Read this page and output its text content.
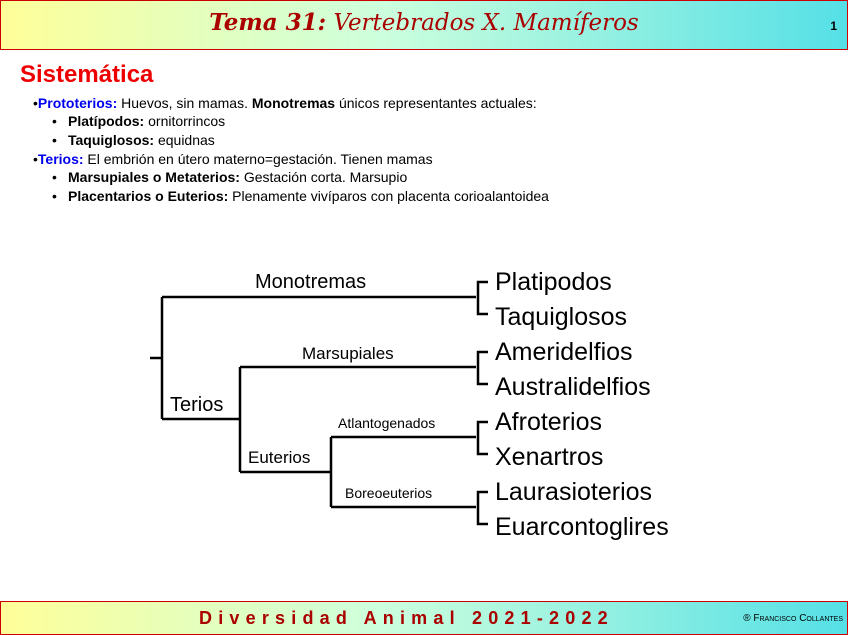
Tema 31: Vertebrados X. Mamíferos	1
Sistemática
•Prototerios: Huevos, sin mamas. Monotremas únicos representantes actuales:
• Platípodos: ornitorrincos
• Taquiglosos: equidnas
•Terios: El embrión en útero materno=gestación. Tienen mamas
• Marsupiales o Metaterios: Gestación corta. Marsupio
• Placentarios o Euterios: Plenamente vivíparos con placenta corioalantoidea
Monotremas
Terios
Marsupiales
Euterios
Atlantogenados
Boreoeuterios
Platipodos
Taquiglosos
Ameridelfios
Australidelfios
Afroterios
Xenartros
Laurasioterios
Euarcontoglires
Diversidad Animal 2021-2022	® Francisco Collantes
